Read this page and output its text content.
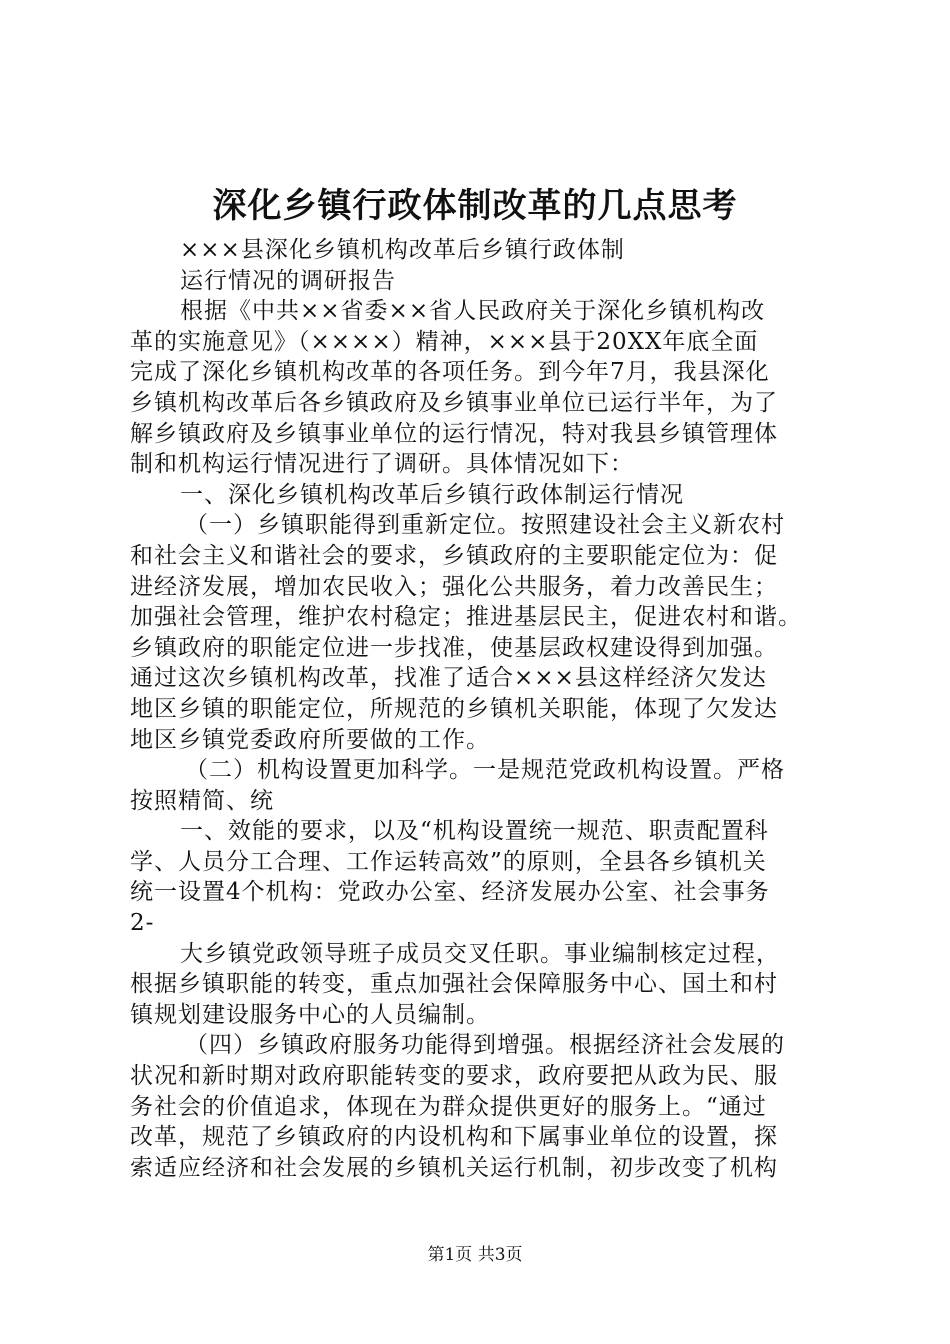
深化乡镇行政体制改革的几点思考
×××县深化乡镇机构改革后乡镇行政体制
运行情况的调研报告
根据《中共××省委××省人民政府关于深化乡镇机构改
革的实施意见》（××××）精神，×××县于20XX年底全面
完成了深化乡镇机构改革的各项任务。到今年7月，我县深化
乡镇机构改革后各乡镇政府及乡镇事业单位已运行半年，为了
解乡镇政府及乡镇事业单位的运行情况，特对我县乡镇管理体
制和机构运行情况进行了调研。具体情况如下：
一、深化乡镇机构改革后乡镇行政体制运行情况
（一）乡镇职能得到重新定位。按照建设社会主义新农村
和社会主义和谐社会的要求，乡镇政府的主要职能定位为：促
进经济发展，增加农民收入；强化公共服务，着力改善民生；
加强社会管理，维护农村稳定；推进基层民主，促进农村和谐。
乡镇政府的职能定位进一步找准，使基层政权建设得到加强。
通过这次乡镇机构改革，找准了适合×××县这样经济欠发达
地区乡镇的职能定位，所规范的乡镇机关职能，体现了欠发达
地区乡镇党委政府所要做的工作。
（二）机构设置更加科学。一是规范党政机构设置。严格
按照精简、统
一、效能的要求，以及“机构设置统一规范、职责配置科
学、人员分工合理、工作运转高效”的原则，全县各乡镇机关
统一设置4个机构：党政办公室、经济发展办公室、社会事务
2-
大乡镇党政领导班子成员交叉任职。事业编制核定过程，
根据乡镇职能的转变，重点加强社会保障服务中心、国土和村
镇规划建设服务中心的人员编制。
（四）乡镇政府服务功能得到增强。根据经济社会发展的
状况和新时期对政府职能转变的要求，政府要把从政为民、服
务社会的价值追求，体现在为群众提供更好的服务上。“通过
改革，规范了乡镇政府的内设机构和下属事业单位的设置，探
索适应经济和社会发展的乡镇机关运行机制，初步改变了机构
第1页 共3页
